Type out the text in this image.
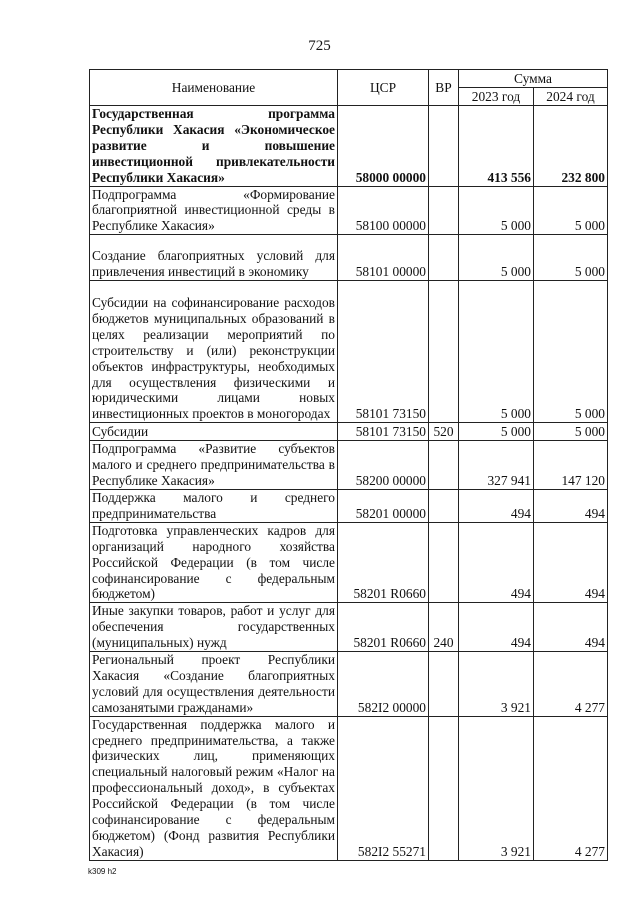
725
Наименование	ЦСР	ВР	Сумма	
			2023 год	2024 год
Государственная программа Республики Хакасия «Экономическое развитие и повышение инвестиционной привлекательности Республики Хакасия»	58000 00000		413 556	232 800
Подпрограмма «Формирование благоприятной инвестиционной среды в Республике Хакасия»	58100 00000		5 000	5 000
Создание благоприятных условий для привлечения инвестиций в экономику	58101 00000		5 000	5 000
Субсидии на софинансирование расходов бюджетов муниципальных образований в целях реализации мероприятий по строительству и (или) реконструкции объектов инфраструктуры, необходимых для осуществления физическими и юридическими лицами новых инвестиционных проектов в моногородах	58101 73150		5 000	5 000
Субсидии	58101 73150	520	5 000	5 000
Подпрограмма «Развитие субъектов малого и среднего предпринимательства в Республике Хакасия»	58200 00000		327 941	147 120
Поддержка малого и среднего предпринимательства	58201 00000		494	494
Подготовка управленческих кадров для организаций народного хозяйства Российской Федерации (в том числе софинансирование с федеральным бюджетом)	58201 R0660		494	494
Иные закупки товаров, работ и услуг для обеспечения государственных (муниципальных) нужд	58201 R0660	240	494	494
Региональный проект Республики Хакасия «Создание благоприятных условий для осуществления деятельности самозанятыми гражданами»	582I2 00000		3 921	4 277
Государственная поддержка малого и среднего предпринимательства, а также физических лиц, применяющих специальный налоговый режим «Налог на профессиональный доход», в субъектах Российской Федерации (в том числе софинансирование с федеральным бюджетом) (Фонд развития Республики Хакасия)	582I2 55271		3 921	4 277
k309 h2
